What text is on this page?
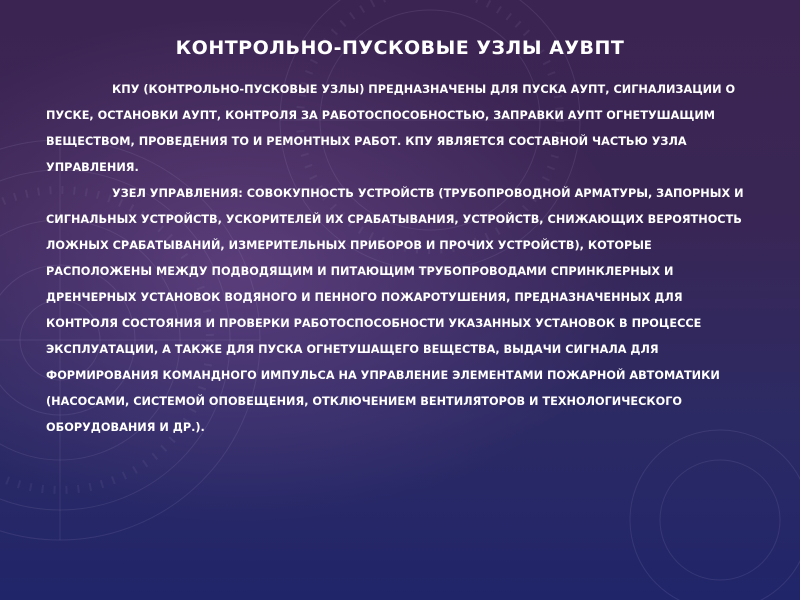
КОНТРОЛЬНО-ПУСКОВЫЕ УЗЛЫ АУВПТ

КПУ (КОНТРОЛЬНО-ПУСКОВЫЕ УЗЛЫ) ПРЕДНАЗНАЧЕНЫ ДЛЯ ПУСКА АУПТ, СИГНАЛИЗАЦИИ О ПУСКЕ, ОСТАНОВКИ АУПТ, КОНТРОЛЯ ЗА РАБОТОСПОСОБНОСТЬЮ, ЗАПРАВКИ АУПТ ОГНЕТУШАЩИМ ВЕЩЕСТВОМ, ПРОВЕДЕНИЯ ТО И РЕМОНТНЫХ РАБОТ. КПУ ЯВЛЯЕТСЯ СОСТАВНОЙ ЧАСТЬЮ УЗЛА УПРАВЛЕНИЯ.

УЗЕЛ УПРАВЛЕНИЯ: СОВОКУПНОСТЬ УСТРОЙСТВ (ТРУБОПРОВОДНОЙ АРМАТУРЫ, ЗАПОРНЫХ И СИГНАЛЬНЫХ УСТРОЙСТВ, УСКОРИТЕЛЕЙ ИХ СРАБАТЫВАНИЯ, УСТРОЙСТВ, СНИЖАЮЩИХ ВЕРОЯТНОСТЬ ЛОЖНЫХ СРАБАТЫВАНИЙ, ИЗМЕРИТЕЛЬНЫХ ПРИБОРОВ И ПРОЧИХ УСТРОЙСТВ), КОТОРЫЕ РАСПОЛОЖЕНЫ МЕЖДУ ПОДВОДЯЩИМ И ПИТАЮЩИМ ТРУБОПРОВОДАМИ СПРИНКЛЕРНЫХ И ДРЕНЧЕРНЫХ УСТАНОВОК ВОДЯНОГО И ПЕННОГО ПОЖАРОТУШЕНИЯ, ПРЕДНАЗНАЧЕННЫХ ДЛЯ КОНТРОЛЯ СОСТОЯНИЯ И ПРОВЕРКИ РАБОТОСПОСОБНОСТИ УКАЗАННЫХ УСТАНОВОК В ПРОЦЕССЕ ЭКСПЛУАТАЦИИ, А ТАКЖЕ ДЛЯ ПУСКА ОГНЕТУШАЩЕГО ВЕЩЕСТВА, ВЫДАЧИ СИГНАЛА ДЛЯ ФОРМИРОВАНИЯ КОМАНДНОГО ИМПУЛЬСА НА УПРАВЛЕНИЕ ЭЛЕМЕНТАМИ ПОЖАРНОЙ АВТОМАТИКИ (НАСОСАМИ, СИСТЕМОЙ ОПОВЕЩЕНИЯ, ОТКЛЮЧЕНИЕМ ВЕНТИЛЯТОРОВ И ТЕХНОЛОГИЧЕСКОГО ОБОРУДОВАНИЯ И ДР.).
